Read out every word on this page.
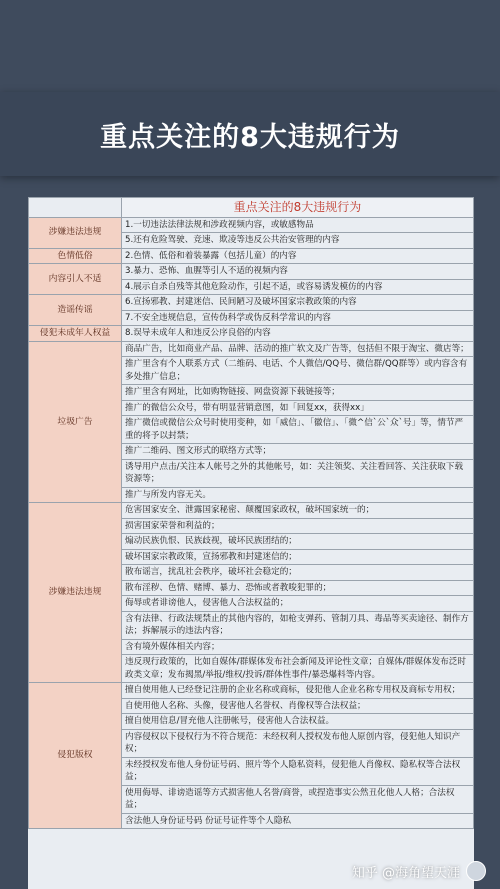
重点关注的8大违规行为
	重点关注的8大违规行为
涉嫌违法违规	1.一切违法法律法规和涉政视频内容，或敏感物品
	5.还有危险驾驶、竞速、欺凌等违反公共治安管理的内容
色情低俗	2.色情、低俗和着装暴露（包括儿童）的内容
内容引人不适	3.暴力、恐怖、血腥等引人不适的视频内容
	4.展示自杀自残等其他危险动作，引起不适，或容易诱发模仿的内容
造谣传谣	6.宣扬邪教、封建迷信、民间陋习及破坏国家宗教政策的内容
	7.不安全违规信息，宣传伪科学或伪反科学常识的内容
侵犯未成年人权益	8.误导未成年人和违反公序良俗的内容
垃圾广告	商品广告，比如商业产品、品牌、活动的推广软文及广告等，包括但不限于淘宝、微店等；
	推广里含有个人联系方式（二维码、电话、个人微信/QQ号、微信群/QQ群等）或内容含有多处推广信息；
	推广里含有网址，比如购物链接、网盘资源下载链接等；
	推广的微信公众号，带有明显营销意图，如「回复xx，获得xx」
	推广微信或微信公众号时使用变种，如「威信」、「徽信」、「微^信`公`众`号」等，情节严重的将予以封禁；
	推广二维码、图文形式的联络方式等；
	诱导用户点击/关注本人帐号之外的其他帐号，如：关注领奖、关注看回答、关注获取下载资源等；
	推广与所发内容无关。
涉嫌违法违规	危害国家安全、泄露国家秘密、颠覆国家政权，破坏国家统一的；
	损害国家荣誉和利益的；
	煽动民族仇恨、民族歧视，破坏民族团结的；
	破坏国家宗教政策，宣扬邪教和封建迷信的；
	散布谣言，扰乱社会秩序，破坏社会稳定的；
	散布淫秽、色情、赌博、暴力、恐怖或者教唆犯罪的；
	侮辱或者诽谤他人，侵害他人合法权益的；
	含有法律、行政法规禁止的其他内容的，如枪支弹药、管制刀具、毒品等买卖途径、制作方法；拆解展示的违法内容；
	含有境外媒体相关内容；
	违反现行政策的，比如自媒体/群媒体发布社会新闻及评论性文章；自媒体/群媒体发布泛时政类文章；发布揭黑/举报/维权/投诉/群体性事件/暴恐爆料等内容。
侵犯版权	擅自使用他人已经登记注册的企业名称或商标，侵犯他人企业名称专用权及商标专用权；
	自使用他人名称、头像，侵害他人名誉权、肖像权等合法权益；
	擅自使用信息/冒充他人注册帐号，侵害他人合法权益。
	内容侵权以下侵权行为不符合规范：未经权利人授权发布他人原创内容，侵犯他人知识产权；
	未经授权发布他人身份证号码、照片等个人隐私资料，侵犯他人肖像权、隐私权等合法权益；
	使用侮辱、诽谤造谣等方式损害他人名誉/商誉，或捏造事实公然丑化他人人格；合法权益；
	含法他人身份证号码 份证号证件等个人隐私
知乎 @海角望天涯
